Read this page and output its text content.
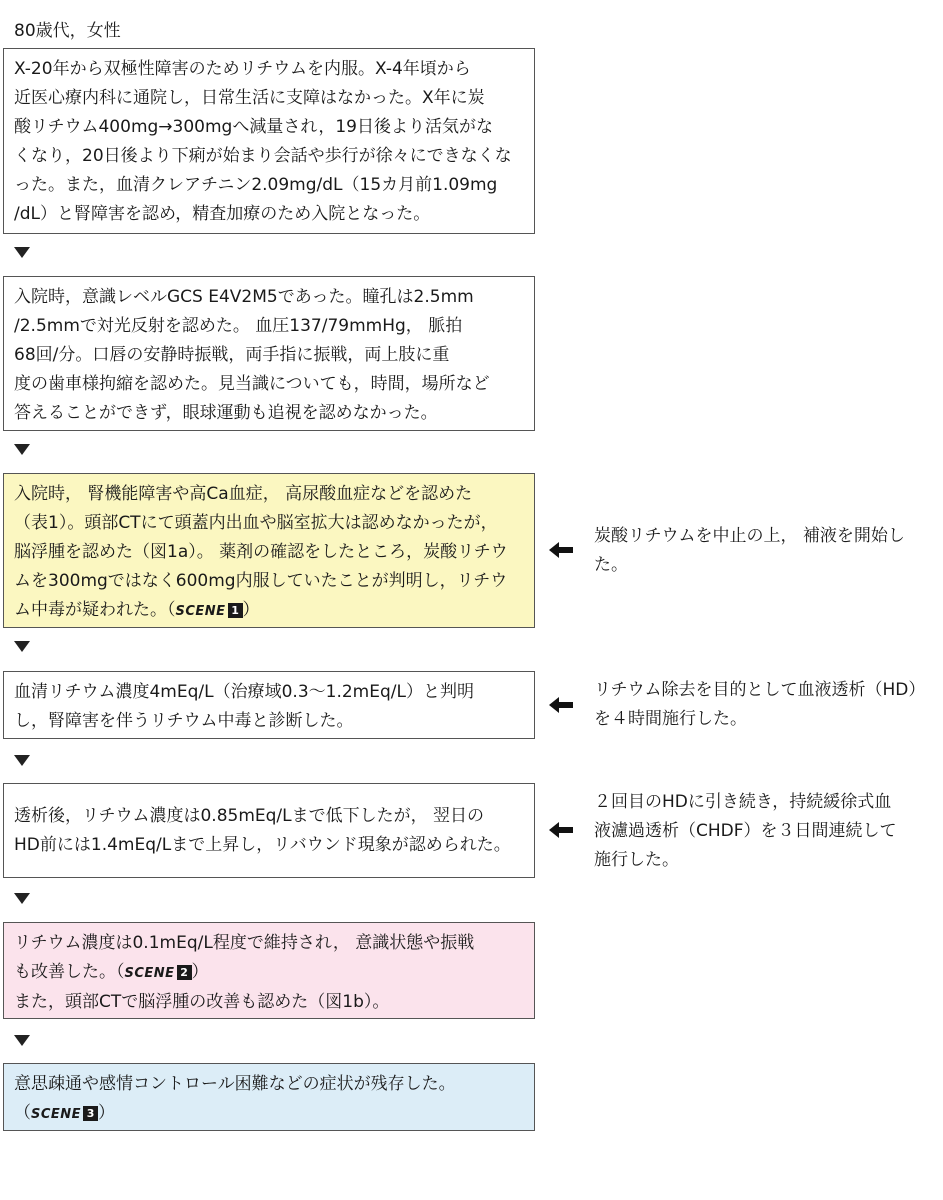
80歳代，女性

X-20年から双極性障害のためリチウムを内服。X-4年頃から
近医心療内科に通院し，日常生活に支障はなかった。X年に炭
酸リチウム400mg→300mgへ減量され，19日後より活気がな
くなり，20日後より下痢が始まり会話や歩行が徐々にできなくな
った。また，血清クレアチニン2.09mg/dL（15カ月前1.09mg
/dL）と腎障害を認め，精査加療のため入院となった。

入院時，意識レベルGCS E4V2M5であった。瞳孔は2.5mm
/2.5mmで対光反射を認めた。 血圧137/79mmHg， 脈拍
68回/分。口唇の安静時振戦，両手指に振戦，両上肢に重
度の歯車様拘縮を認めた。見当識についても，時間，場所など
答えることができず，眼球運動も追視を認めなかった。

入院時， 腎機能障害や高Ca血症， 高尿酸血症などを認めた
（表1）。頭部CTにて頭蓋内出血や脳室拡大は認めなかったが，
脳浮腫を認めた（図1a）。 薬剤の確認をしたところ，炭酸リチウ
ムを300mgではなく600mg内服していたことが判明し，リチウ
ム中毒が疑われた。（SCENE 1 ）

炭酸リチウムを中止の上， 補液を開始し
た。

血清リチウム濃度4mEq/L（治療域0.3～1.2mEq/L）と判明
し，腎障害を伴うリチウム中毒と診断した。

リチウム除去を目的として血液透析（HD）
を４時間施行した。

透析後，リチウム濃度は0.85mEq/Lまで低下したが， 翌日の
HD前には1.4mEq/Lまで上昇し，リバウンド現象が認められた。

２回目のHDに引き続き，持続緩徐式血
液濾過透析（CHDF）を３日間連続して
施行した。

リチウム濃度は0.1mEq/L程度で維持され， 意識状態や振戦
も改善した。（SCENE 2 ）

また，頭部CTで脳浮腫の改善も認めた（図1b）。

意思疎通や感情コントロール困難などの症状が残存した。
（SCENE 3 ）
